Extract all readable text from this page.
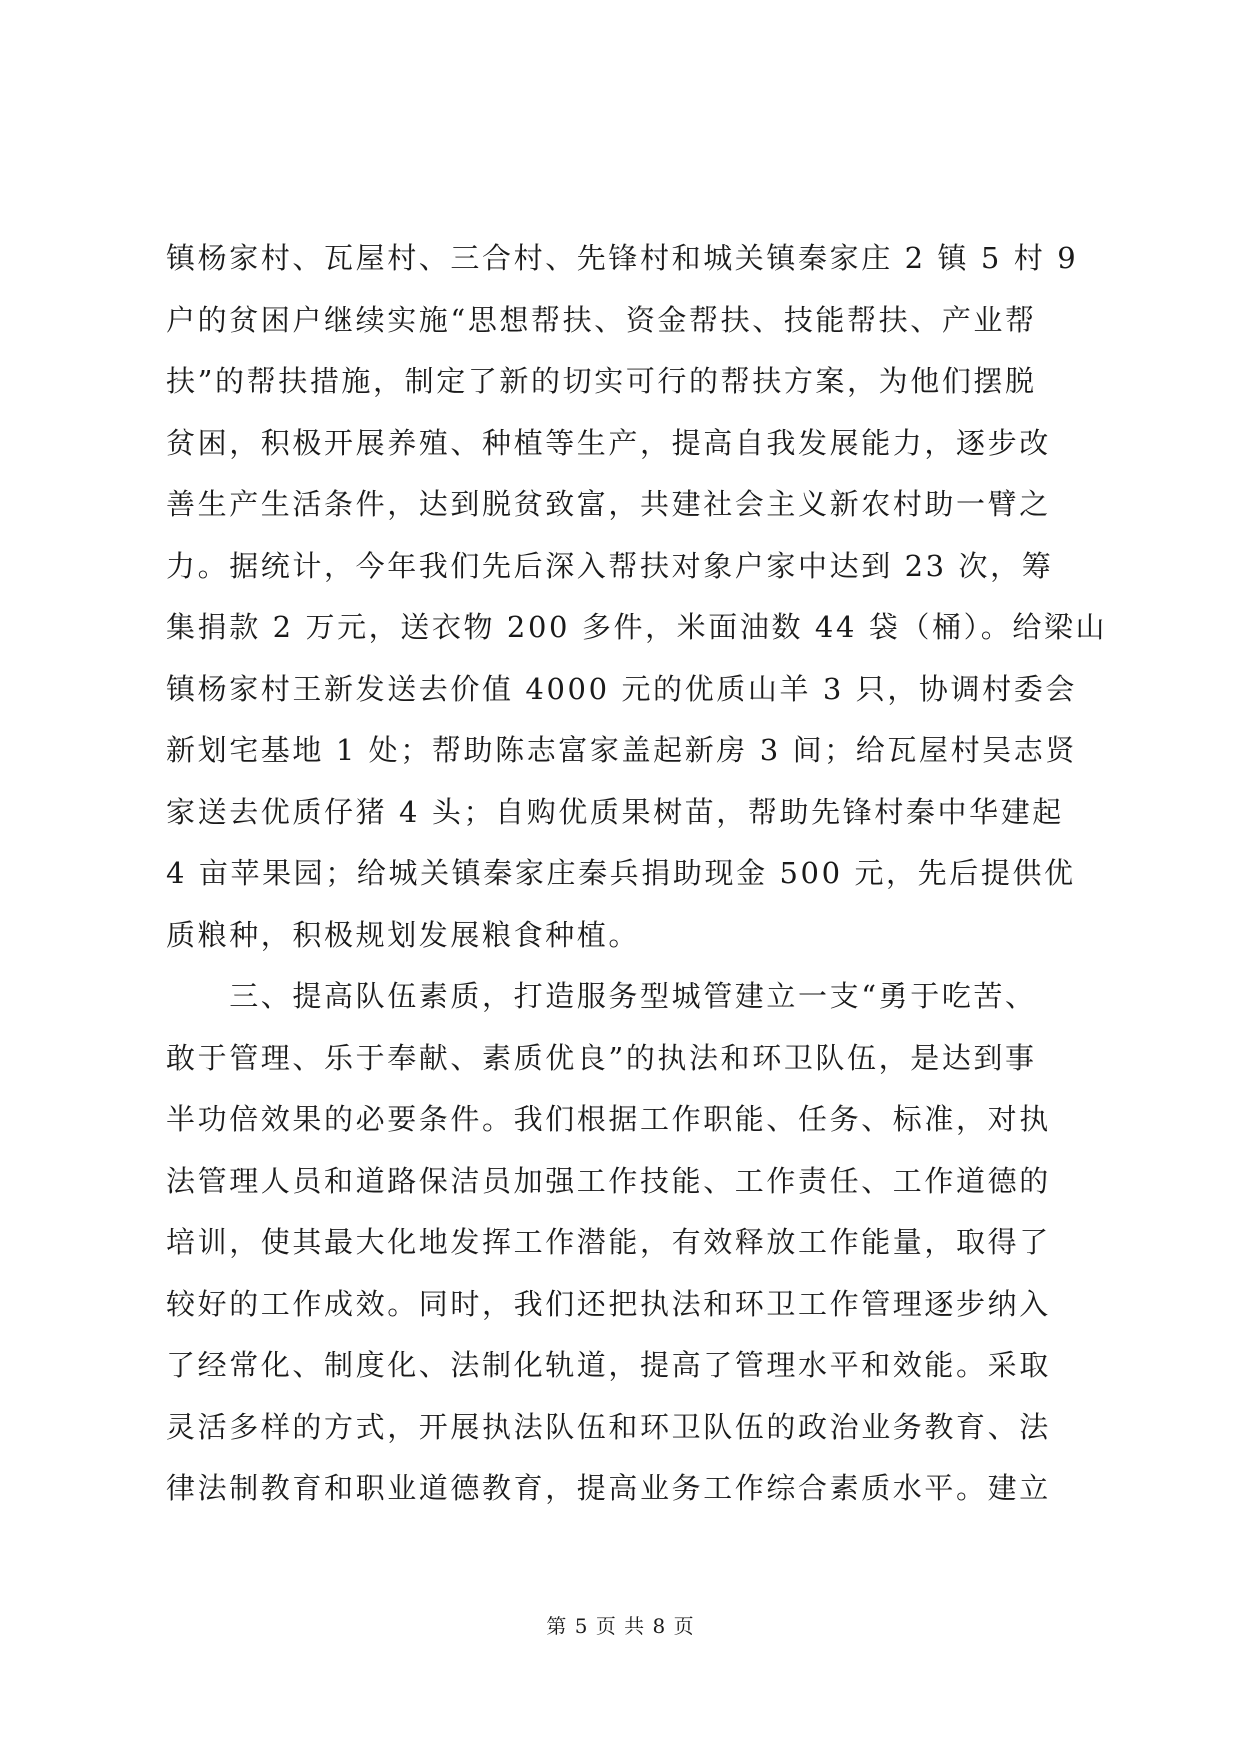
镇杨家村、瓦屋村、三合村、先锋村和城关镇秦家庄 2 镇 5 村 9
户的贫困户继续实施“思想帮扶、资金帮扶、技能帮扶、产业帮
扶”的帮扶措施，制定了新的切实可行的帮扶方案，为他们摆脱
贫困，积极开展养殖、种植等生产，提高自我发展能力，逐步改
善生产生活条件，达到脱贫致富，共建社会主义新农村助一臂之
力。据统计，今年我们先后深入帮扶对象户家中达到 23 次，筹
集捐款 2 万元，送衣物 200 多件，米面油数 44 袋（桶）。给梁山
镇杨家村王新发送去价值 4000 元的优质山羊 3 只，协调村委会
新划宅基地 1 处；帮助陈志富家盖起新房 3 间；给瓦屋村吴志贤
家送去优质仔猪 4 头；自购优质果树苗，帮助先锋村秦中华建起
4 亩苹果园；给城关镇秦家庄秦兵捐助现金 500 元，先后提供优
质粮种，积极规划发展粮食种植。
　　三、提高队伍素质，打造服务型城管建立一支“勇于吃苦、
敢于管理、乐于奉献、素质优良”的执法和环卫队伍，是达到事
半功倍效果的必要条件。我们根据工作职能、任务、标准，对执
法管理人员和道路保洁员加强工作技能、工作责任、工作道德的
培训，使其最大化地发挥工作潜能，有效释放工作能量，取得了
较好的工作成效。同时，我们还把执法和环卫工作管理逐步纳入
了经常化、制度化、法制化轨道，提高了管理水平和效能。采取
灵活多样的方式，开展执法队伍和环卫队伍的政治业务教育、法
律法制教育和职业道德教育，提高业务工作综合素质水平。建立
第 5 页 共 8 页
